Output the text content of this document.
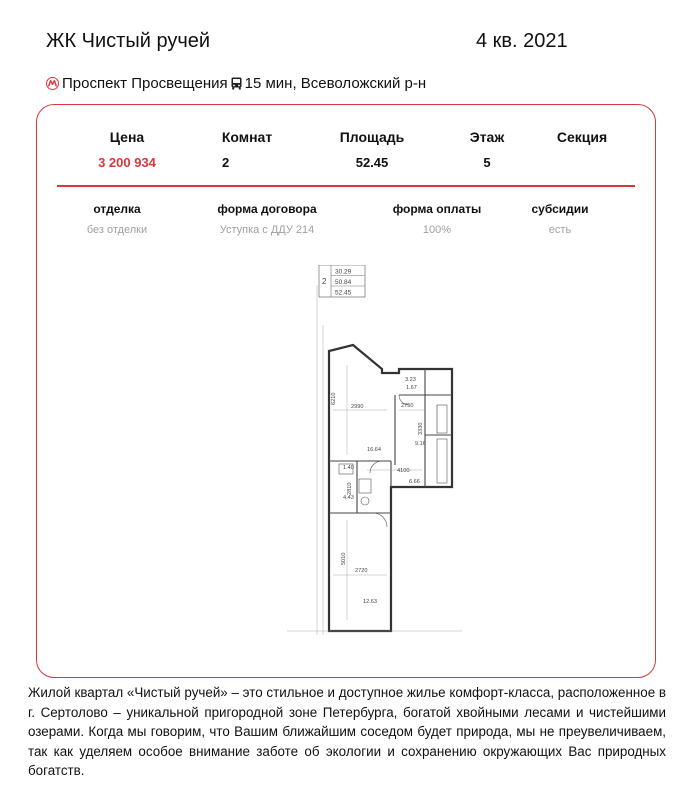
ЖК Чистый ручей	4 кв. 2021
Проспект Просвещения 15 мин , Всеволожский р-н
Цена
3 200 934
Комнат
2
Площадь
52.45
Этаж
5
Секция
отделка
без отделки
форма договора
Уступка с ДДУ 214
форма оплаты
100%
субсидии
есть
2
30.29
50.84
52.45
6210
2990	2750
3.23
1.67
3330
9.16
16.64
4100
6.66
1.40
4.43
2810
5010
2720
12.63
Жилой квартал «Чистый ручей» – это стильное и доступное жилье комфорт-класса, расположенное в г. Сертолово – уникальной пригородной зоне Петербурга, богатой хвойными лесами и чистейшими озерами. Когда мы говорим, что Вашим ближайшим соседом будет природа, мы не преувеличиваем, так как уделяем особое внимание заботе об экологии и сохранению окружающих Вас природных богатств.
